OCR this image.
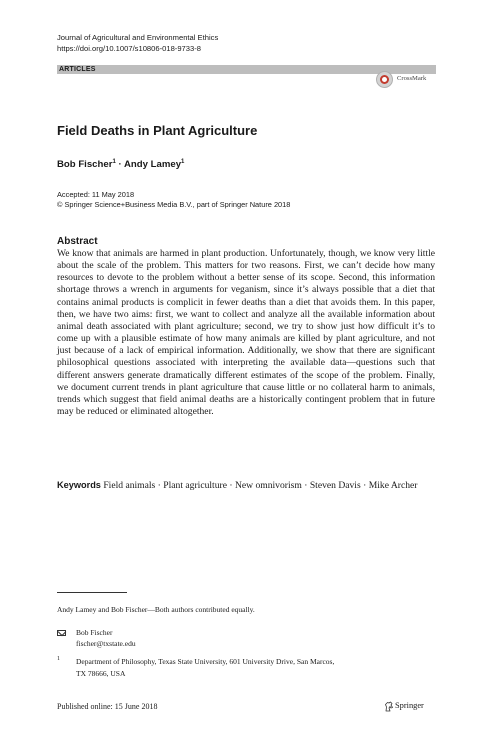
Journal of Agricultural and Environmental Ethics
https://doi.org/10.1007/s10806-018-9733-8
ARTICLES
CrossMark
Field Deaths in Plant Agriculture
Bob Fischer$^1$ · Andy Lamey$^1$
Accepted: 11 May 2018
© Springer Science+Business Media B.V., part of Springer Nature 2018
Abstract

We know that animals are harmed in plant production. Unfortunately, though, we know very little about the scale of the problem. This matters for two reasons. First, we can’t decide how many resources to devote to the problem without a better sense of its scope. Second, this information shortage throws a wrench in arguments for veganism, since it’s always possible that a diet that contains animal products is complicit in fewer deaths than a diet that avoids them. In this paper, then, we have two aims: first, we want to collect and analyze all the available information about animal death associated with plant agriculture; second, we try to show just how difficult it’s to come up with a plausible estimate of how many animals are killed by plant agriculture, and not just because of a lack of empirical information. Additionally, we show that there are significant philosophical questions associated with interpreting the available data—questions such that different answers generate dramatically different estimates of the scope of the problem. Finally, we document current trends in plant agriculture that cause little or no collateral harm to animals, trends which suggest that field animal deaths are a historically contingent problem that in future may be reduced or eliminated altogether.

Keywords Field animals · Plant agriculture · New omnivorism · Steven Davis · Mike Archer
Andy Lamey and Bob Fischer—Both authors contributed equally.
Bob Fischer
fischer@txstate.edu
1 Department of Philosophy, Texas State University, 601 University Drive, San Marcos,
TX 78666, USA
Published online: 15 June 2018	Springer
